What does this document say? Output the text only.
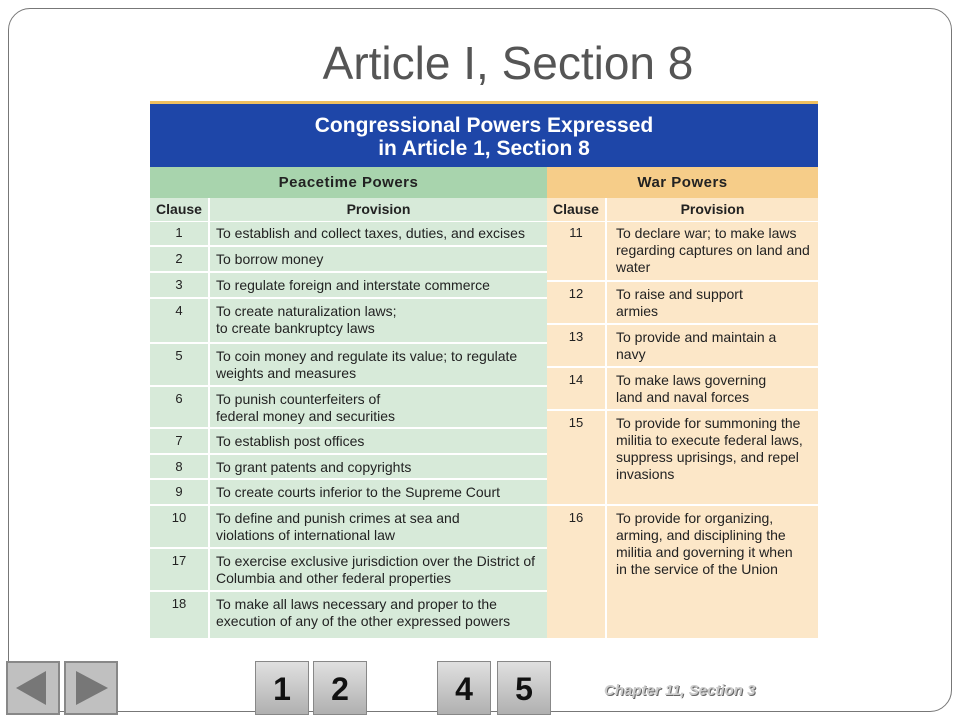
Article I, Section 8
Congressional Powers Expressed
in Article 1, Section 8
Peacetime Powers
Clause	Provision
1	To establish and collect taxes, duties, and excises
2	To borrow money
3	To regulate foreign and interstate commerce
4	To create naturalization laws; to create bankruptcy laws
5	To coin money and regulate its value; to regulate weights and measures
6	To punish counterfeiters of federal money and securities
7	To establish post offices
8	To grant patents and copyrights
9	To create courts inferior to the Supreme Court
10	To define and punish crimes at sea and violations of international law
17	To exercise exclusive jurisdiction over the District of Columbia and other federal properties
18	To make all laws necessary and proper to the execution of any of the other expressed powers
War Powers
Clause	Provision
11	To declare war; to make laws regarding captures on land and water
12	To raise and support armies
13	To provide and maintain a navy
14	To make laws governing land and naval forces
15	To provide for summoning the militia to execute federal laws, suppress uprisings, and repel invasions
16	To provide for organizing, arming, and disciplining the militia and governing it when in the service of the Union
1	2	4	5	Chapter 11, Section 3
